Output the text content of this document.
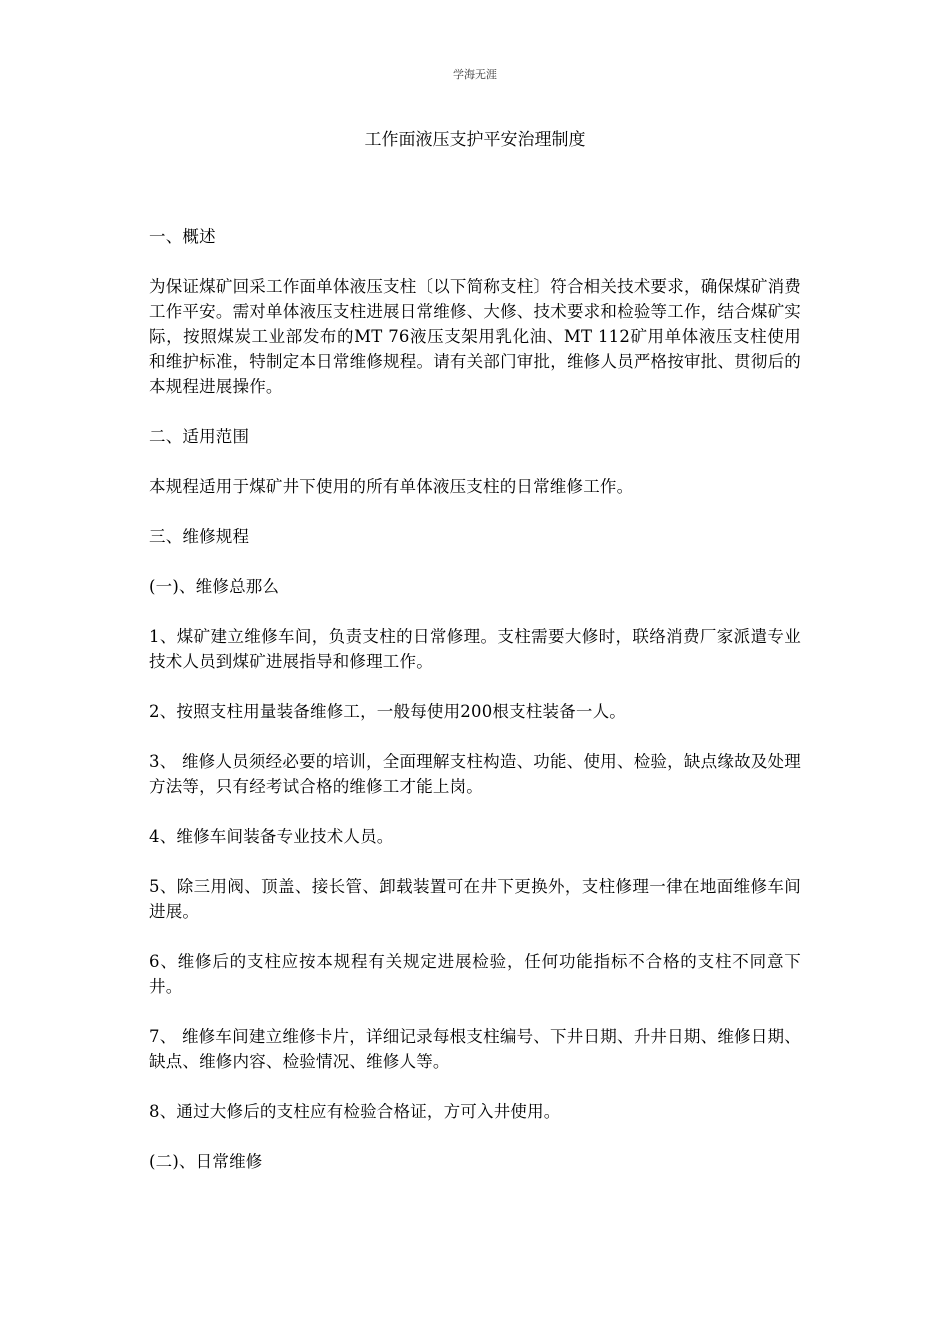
学海无涯
工作面液压支护平安治理制度

一、概述

为保证煤矿回采工作面单体液压支柱〔以下简称支柱〕符合相关技术要求，确保煤矿消费工作平安。需对单体液压支柱进展日常维修、大修、技术要求和检验等工作，结合煤矿实际，按照煤炭工业部发布的MT 76液压支架用乳化油、MT 112矿用单体液压支柱使用和维护标准，特制定本日常维修规程。请有关部门审批，维修人员严格按审批、贯彻后的本规程进展操作。

二、适用范围

本规程适用于煤矿井下使用的所有单体液压支柱的日常维修工作。

三、维修规程

(一)、维修总那么

1、煤矿建立维修车间，负责支柱的日常修理。支柱需要大修时，联络消费厂家派遣专业技术人员到煤矿进展指导和修理工作。

2、按照支柱用量装备维修工，一般每使用200根支柱装备一人。

3、 维修人员须经必要的培训，全面理解支柱构造、功能、使用、检验，缺点缘故及处理方法等，只有经考试合格的维修工才能上岗。

4、维修车间装备专业技术人员。

5、除三用阀、顶盖、接长管、卸载装置可在井下更换外，支柱修理一律在地面维修车间进展。

6、维修后的支柱应按本规程有关规定进展检验，任何功能指标不合格的支柱不同意下井。

7、 维修车间建立维修卡片，详细记录每根支柱编号、下井日期、升井日期、维修日期、缺点、维修内容、检验情况、维修人等。

8、通过大修后的支柱应有检验合格证，方可入井使用。

(二)、日常维修
